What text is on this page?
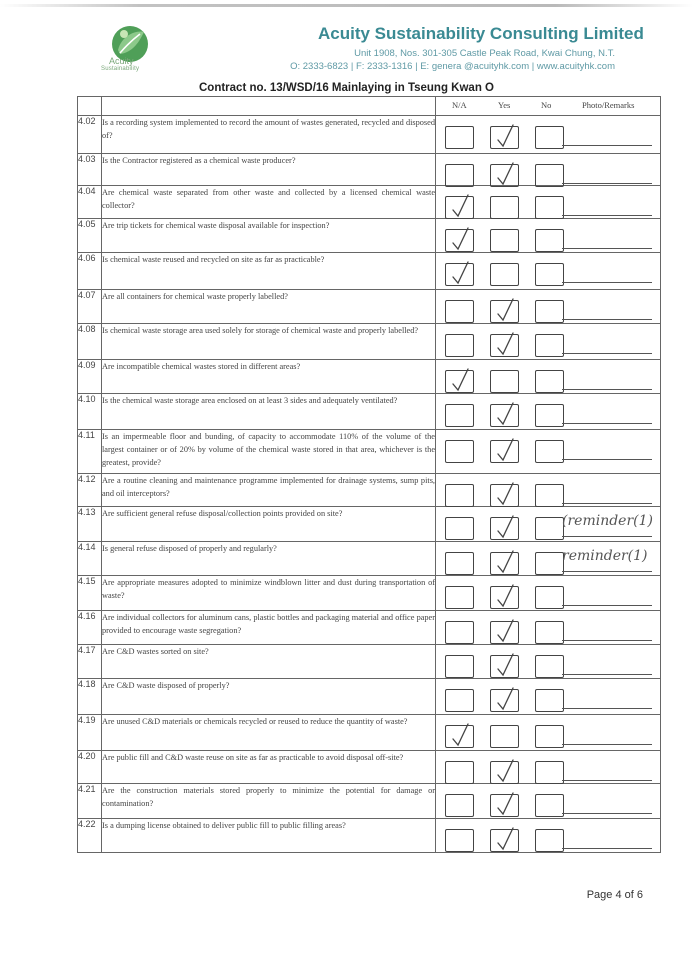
Acuity
Sustainability
Acuity Sustainability Consulting Limited
Unit 1908, Nos. 301-305 Castle Peak Road, Kwai Chung, N.T.
O: 2333-6823 | F: 2333-1316 | E: genera @acuityhk.com | www.acuityhk.com
Contract no. 13/WSD/16 Mainlaying in Tseung Kwan O

		N/A Yes No Photo/Remarks

4.02	Is a recording system implemented to record the amount of wastes generated, recycled and disposed of?	

4.03	Is the Contractor registered as a chemical waste producer?	

4.04	Are chemical waste separated from other waste and collected by a licensed chemical waste collector?	

4.05	Are trip tickets for chemical waste disposal available for inspection?	

4.06	Is chemical waste reused and recycled on site as far as practicable?	

4.07	Are all containers for chemical waste properly labelled?	

4.08	Is chemical waste storage area used solely for storage of chemical waste and properly labelled?	

4.09	Are incompatible chemical wastes stored in different areas?	

4.10	Is the chemical waste storage area enclosed on at least 3 sides and adequately ventilated?	

4.11	Is an impermeable floor and bunding, of capacity to accommodate 110% of the volume of the largest container or of 20% by volume of the chemical waste stored in that area, whichever is the greatest, provide?	

4.12	Are a routine cleaning and maintenance programme implemented for drainage systems, sump pits, and oil interceptors?	

4.13	Are sufficient general refuse disposal/collection points provided on site?	(reminder(1)

4.14	Is general refuse disposed of properly and regularly?	reminder(1)

4.15	Are appropriate measures adopted to minimize windblown litter and dust during transportation of waste?	

4.16	Are individual collectors for aluminum cans, plastic bottles and packaging material and office paper provided to encourage waste segregation?	

4.17	Are C&D wastes sorted on site?	

4.18	Are C&D waste disposed of properly?	

4.19	Are unused C&D materials or chemicals recycled or reused to reduce the quantity of waste?	

4.20	Are public fill and C&D waste reuse on site as far as practicable to avoid disposal off-site?	

4.21	Are the construction materials stored properly to minimize the potential for damage or contamination?	

4.22	Is a dumping license obtained to deliver public fill to public filling areas?	
Page 4 of 6
